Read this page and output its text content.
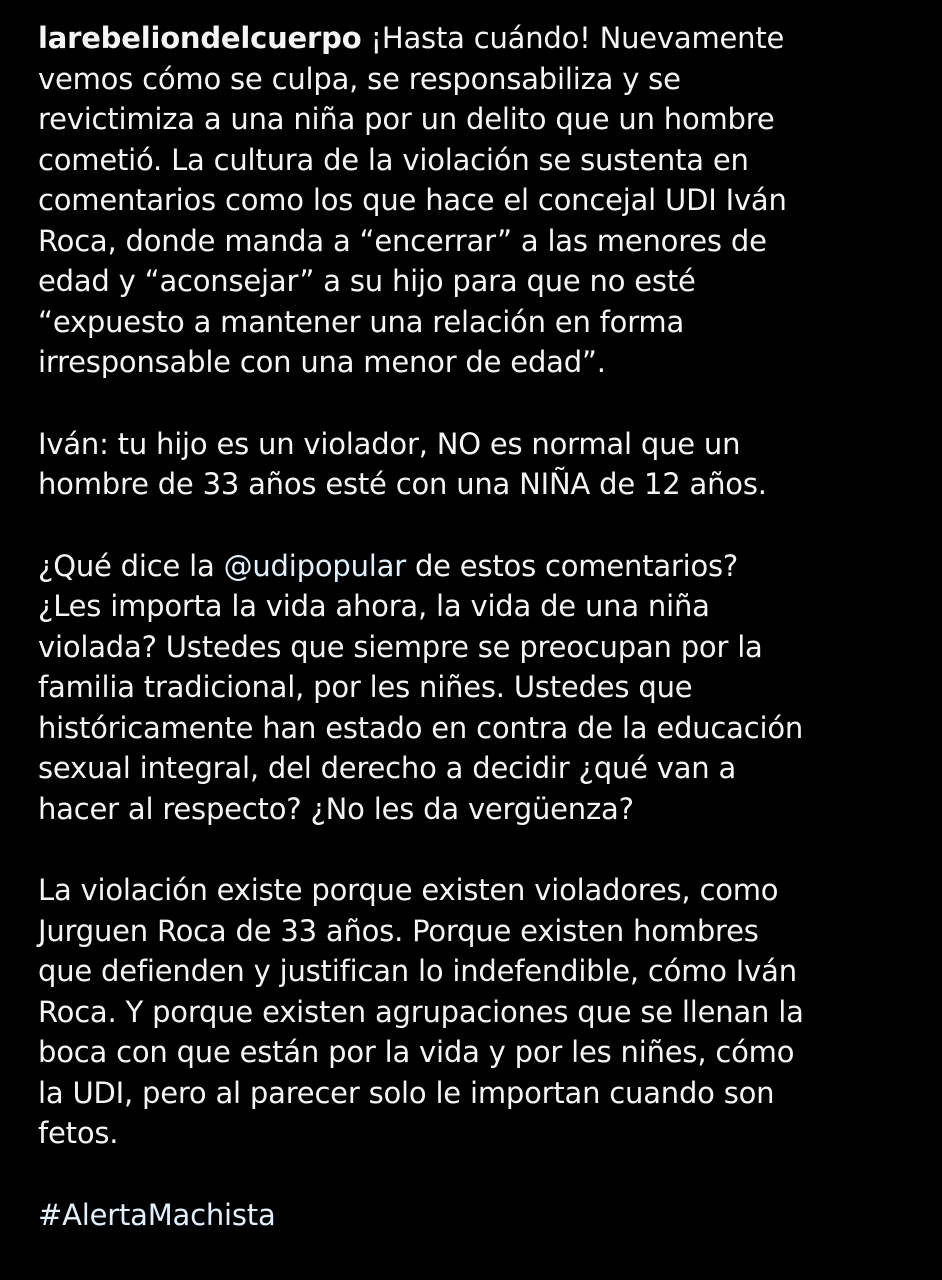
larebeliondelcuerpo ¡Hasta cuándo! Nuevamente
vemos cómo se culpa, se responsabiliza y se
revictimiza a una niña por un delito que un hombre
cometió. La cultura de la violación se sustenta en
comentarios como los que hace el concejal UDI Iván
Roca, donde manda a “encerrar” a las menores de
edad y “aconsejar” a su hijo para que no esté
“expuesto a mantener una relación en forma
irresponsable con una menor de edad”.

Iván: tu hijo es un violador, NO es normal que un
hombre de 33 años esté con una NIÑA de 12 años.

¿Qué dice la @udipopular de estos comentarios?
¿Les importa la vida ahora, la vida de una niña
violada? Ustedes que siempre se preocupan por la
familia tradicional, por les niñes. Ustedes que
históricamente han estado en contra de la educación
sexual integral, del derecho a decidir ¿qué van a
hacer al respecto? ¿No les da vergüenza?

La violación existe porque existen violadores, como
Jurguen Roca de 33 años. Porque existen hombres
que defienden y justifican lo indefendible, cómo Iván
Roca. Y porque existen agrupaciones que se llenan la
boca con que están por la vida y por les niñes, cómo
la UDI, pero al parecer solo le importan cuando son
fetos.

#AlertaMachista
